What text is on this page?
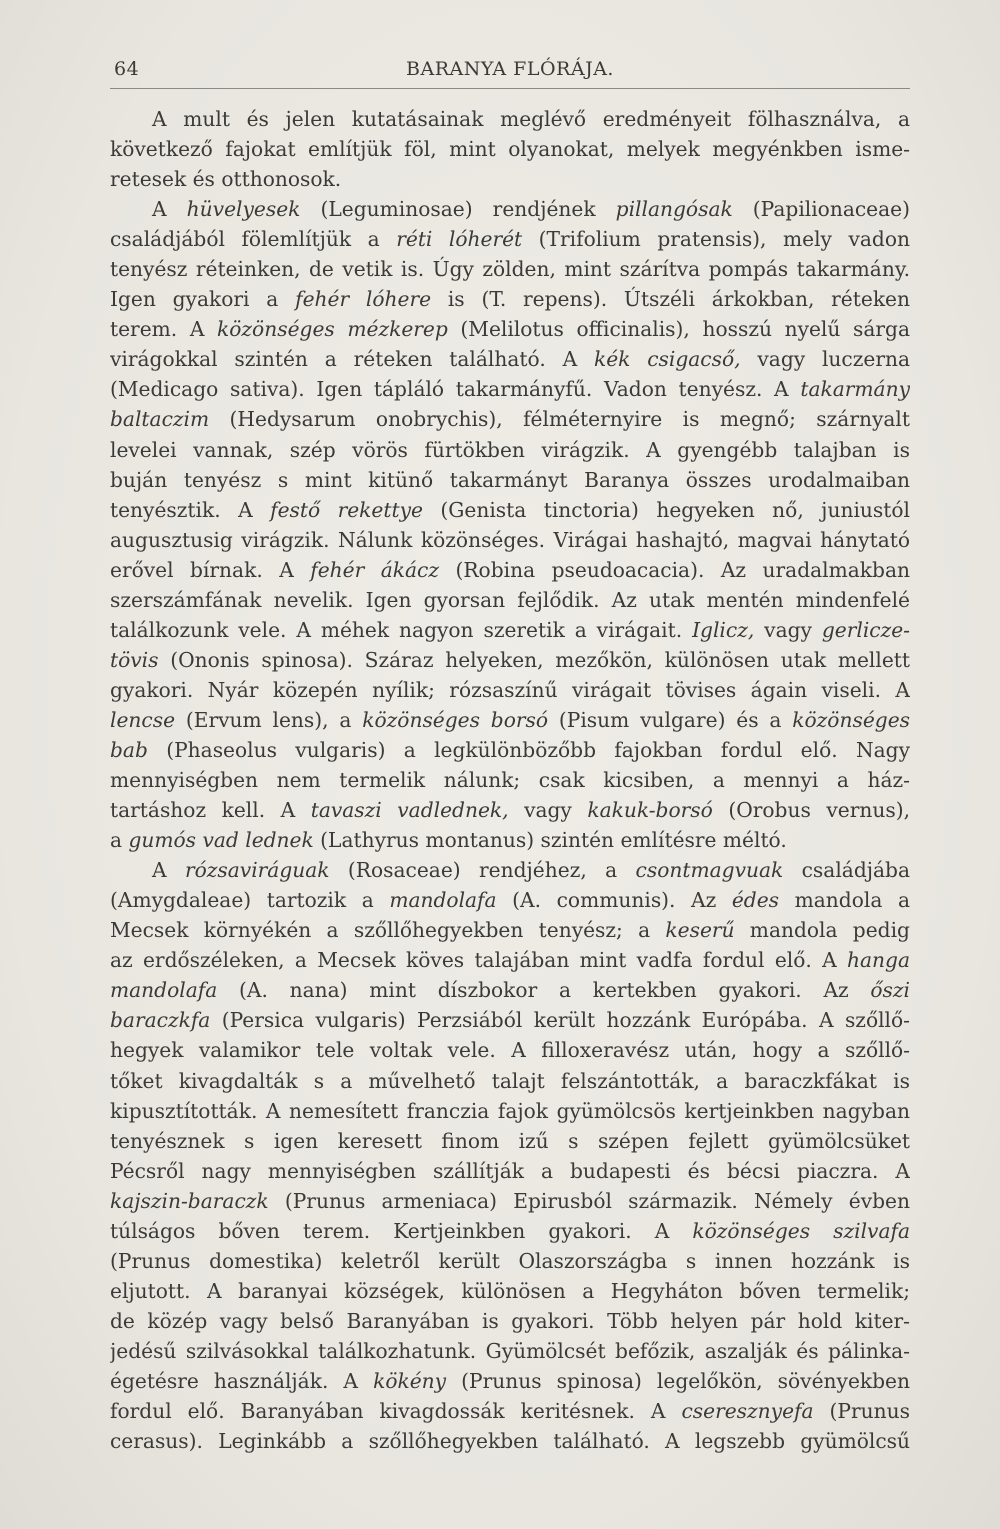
64	BARANYA FLÓRÁJA.
A mult és jelen kutatásainak meglévő eredményeit fölhasználva, a
következő fajokat említjük föl, mint olyanokat, melyek megyénkben isme-
retesek és otthonosok.
A hüvelyesek (Leguminosae) rendjének pillangósak (Papilionaceae)
családjából fölemlítjük a réti lóherét (Trifolium pratensis), mely vadon
tenyész réteinken, de vetik is. Úgy zölden, mint szárítva pompás takarmány.
Igen gyakori a fehér lóhere is (T. repens). Útszéli árkokban, réteken
terem. A közönséges mézkerep (Melilotus officinalis), hosszú nyelű sárga
virágokkal szintén a réteken található. A kék csigacső, vagy luczerna
(Medicago sativa). Igen tápláló takarmányfű. Vadon tenyész. A takarmány
baltaczim (Hedysarum onobrychis), félméternyire is megnő; szárnyalt
levelei vannak, szép vörös fürtökben virágzik. A gyengébb talajban is
buján tenyész s mint kitünő takarmányt Baranya összes urodalmaiban
tenyésztik. A festő rekettye (Genista tinctoria) hegyeken nő, juniustól
augusztusig virágzik. Nálunk közönséges. Virágai hashajtó, magvai hánytató
erővel bírnak. A fehér ákácz (Robina pseudoacacia). Az uradalmakban
szerszámfának nevelik. Igen gyorsan fejlődik. Az utak mentén mindenfelé
találkozunk vele. A méhek nagyon szeretik a virágait. Iglicz, vagy gerlicze-
tövis (Ononis spinosa). Száraz helyeken, mezőkön, különösen utak mellett
gyakori. Nyár közepén nyílik; rózsaszínű virágait tövises ágain viseli. A
lencse (Ervum lens), a közönséges borsó (Pisum vulgare) és a közönséges
bab (Phaseolus vulgaris) a legkülönbözőbb fajokban fordul elő. Nagy
mennyiségben nem termelik nálunk; csak kicsiben, a mennyi a ház-
tartáshoz kell. A tavaszi vadlednek, vagy kakuk-borsó (Orobus vernus),
a gumós vad lednek (Lathyrus montanus) szintén említésre méltó.
A rózsaviráguak (Rosaceae) rendjéhez, a csontmagvuak családjába
(Amygdaleae) tartozik a mandolafa (A. communis). Az édes mandola a
Mecsek környékén a szőllőhegyekben tenyész; a keserű mandola pedig
az erdőszéleken, a Mecsek köves talajában mint vadfa fordul elő. A hanga
mandolafa (A. nana) mint díszbokor a kertekben gyakori. Az őszi
baraczkfa (Persica vulgaris) Perzsiából került hozzánk Európába. A szőllő-
hegyek valamikor tele voltak vele. A filloxeravész után, hogy a szőllő-
tőket kivagdalták s a művelhető talajt felszántották, a baraczkfákat is
kipusztították. A nemesített franczia fajok gyümölcsös kertjeinkben nagyban
tenyésznek s igen keresett finom izű s szépen fejlett gyümölcsüket
Pécsről nagy mennyiségben szállítják a budapesti és bécsi piaczra. A
kajszin-baraczk (Prunus armeniaca) Epirusból származik. Némely évben
túlságos bőven terem. Kertjeinkben gyakori. A közönséges szilvafa
(Prunus domestika) keletről került Olaszországba s innen hozzánk is
eljutott. A baranyai községek, különösen a Hegyháton bőven termelik;
de közép vagy belső Baranyában is gyakori. Több helyen pár hold kiter-
jedésű szilvásokkal találkozhatunk. Gyümölcsét befőzik, aszalják és pálinka-
égetésre használják. A kökény (Prunus spinosa) legelőkön, sövényekben
fordul elő. Baranyában kivagdossák keritésnek. A cseresznyefa (Prunus
cerasus). Leginkább a szőllőhegyekben található. A legszebb gyümölcsű
